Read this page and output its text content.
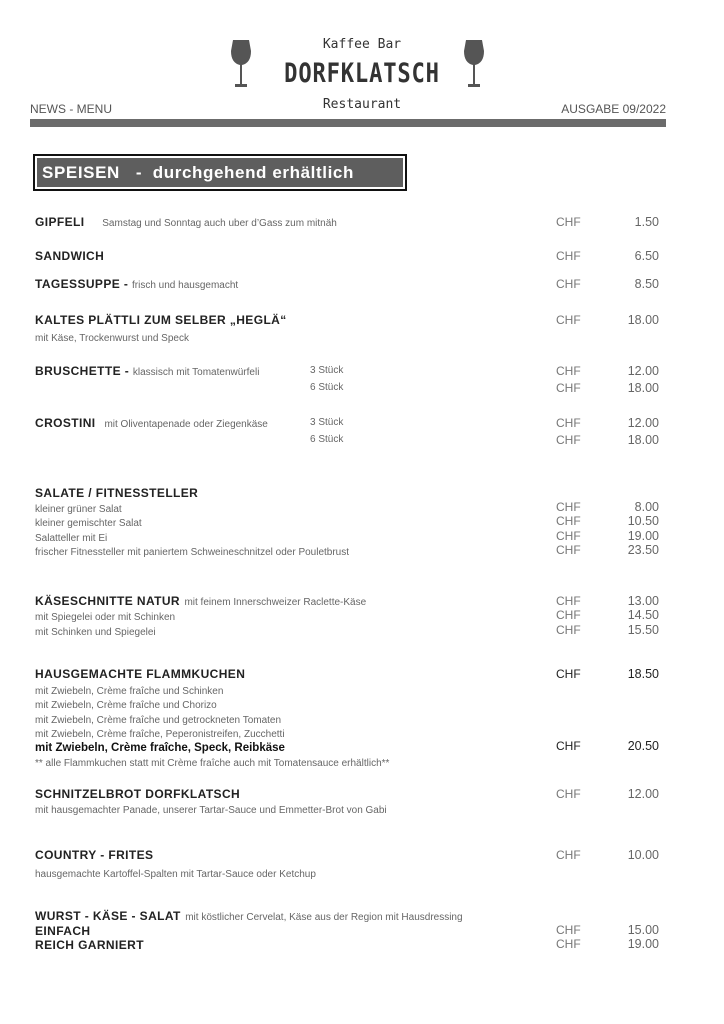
Kaffee Bar
DORFKLATSCH
Restaurant
NEWS - MENU	AUSGABE 09/2022
SPEISEN   -  durchgehend erhältlich
GIPFELI Samstag und Sonntag auch uber d’Gass zum mitnäh	CHF	1.50
SANDWICH	CHF	6.50
TAGESSUPPE - frisch und hausgemacht	CHF	8.50
KALTES PLÄTTLI ZUM SELBER „HEGLÄ“	CHF	18.00
mit Käse, Trockenwurst und Speck
BRUSCHETTE - klassisch mit Tomatenwürfeli	3 Stück	CHF	12.00
6 Stück	CHF	18.00
CROSTINI mit Oliventapenade oder Ziegenkäse	3 Stück	CHF	12.00
6 Stück	CHF	18.00
SALATE / FITNESSTELLER
kleiner grüner Salat	CHF	8.00
kleiner gemischter Salat	CHF	10.50
Salatteller mit Ei	CHF	19.00
frischer Fitnessteller mit paniertem Schweineschnitzel oder Pouletbrust	CHF	23.50
KÄSESCHNITTE NATUR mit feinem Innerschweizer Raclette-Käse	CHF	13.00
mit Spiegelei oder mit Schinken	CHF	14.50
mit Schinken und Spiegelei	CHF	15.50
HAUSGEMACHTE FLAMMKUCHEN	CHF	18.50
mit Zwiebeln, Crème fraîche und Schinken
mit Zwiebeln, Crème fraîche und Chorizo
mit Zwiebeln, Crème fraîche und getrockneten Tomaten
mit Zwiebeln, Crème fraîche, Peperonistreifen, Zucchetti
mit Zwiebeln, Crème fraîche, Speck, Reibkäse	CHF	20.50
** alle Flammkuchen statt mit Crème fraîche auch mit Tomatensauce erhältlich**
SCHNITZELBROT DORFKLATSCH	CHF	12.00
mit hausgemachter Panade, unserer Tartar-Sauce und Emmetter-Brot von Gabi
COUNTRY - FRITES	CHF	10.00
hausgemachte Kartoffel-Spalten mit Tartar-Sauce oder Ketchup
WURST - KÄSE - SALAT mit köstlicher Cervelat, Käse aus der Region mit Hausdressing
EINFACH	CHF	15.00
REICH GARNIERT	CHF	19.00
